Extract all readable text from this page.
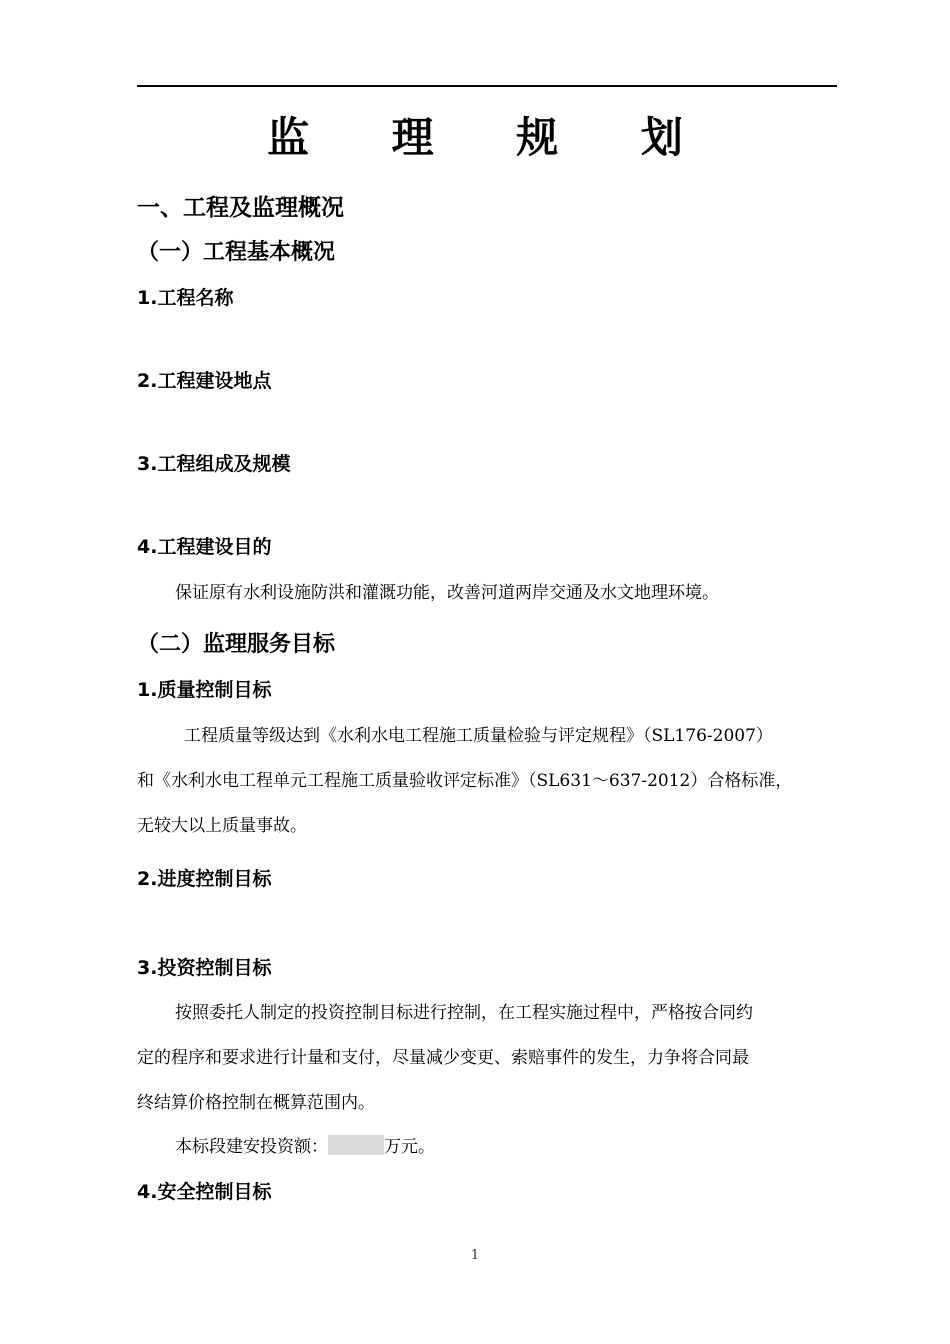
监 理 规 划
一、工程及监理概况
（一）工程基本概况
1.工程名称
2.工程建设地点
3.工程组成及规模
4.工程建设目的
保证原有水利设施防洪和灌溉功能，改善河道两岸交通及水文地理环境。
（二）监理服务目标
1.质量控制目标
工程质量等级达到《水利水电工程施工质量检验与评定规程》（SL176-2007）
和《水利水电工程单元工程施工质量验收评定标准》（SL631～637-2012）合格标准，
无较大以上质量事故。
2.进度控制目标
3.投资控制目标
按照委托人制定的投资控制目标进行控制，在工程实施过程中，严格按合同约
定的程序和要求进行计量和支付，尽量减少变更、索赔事件的发生，力争将合同最
终结算价格控制在概算范围内。
本标段建安投资额：	万元。
4.安全控制目标
1
